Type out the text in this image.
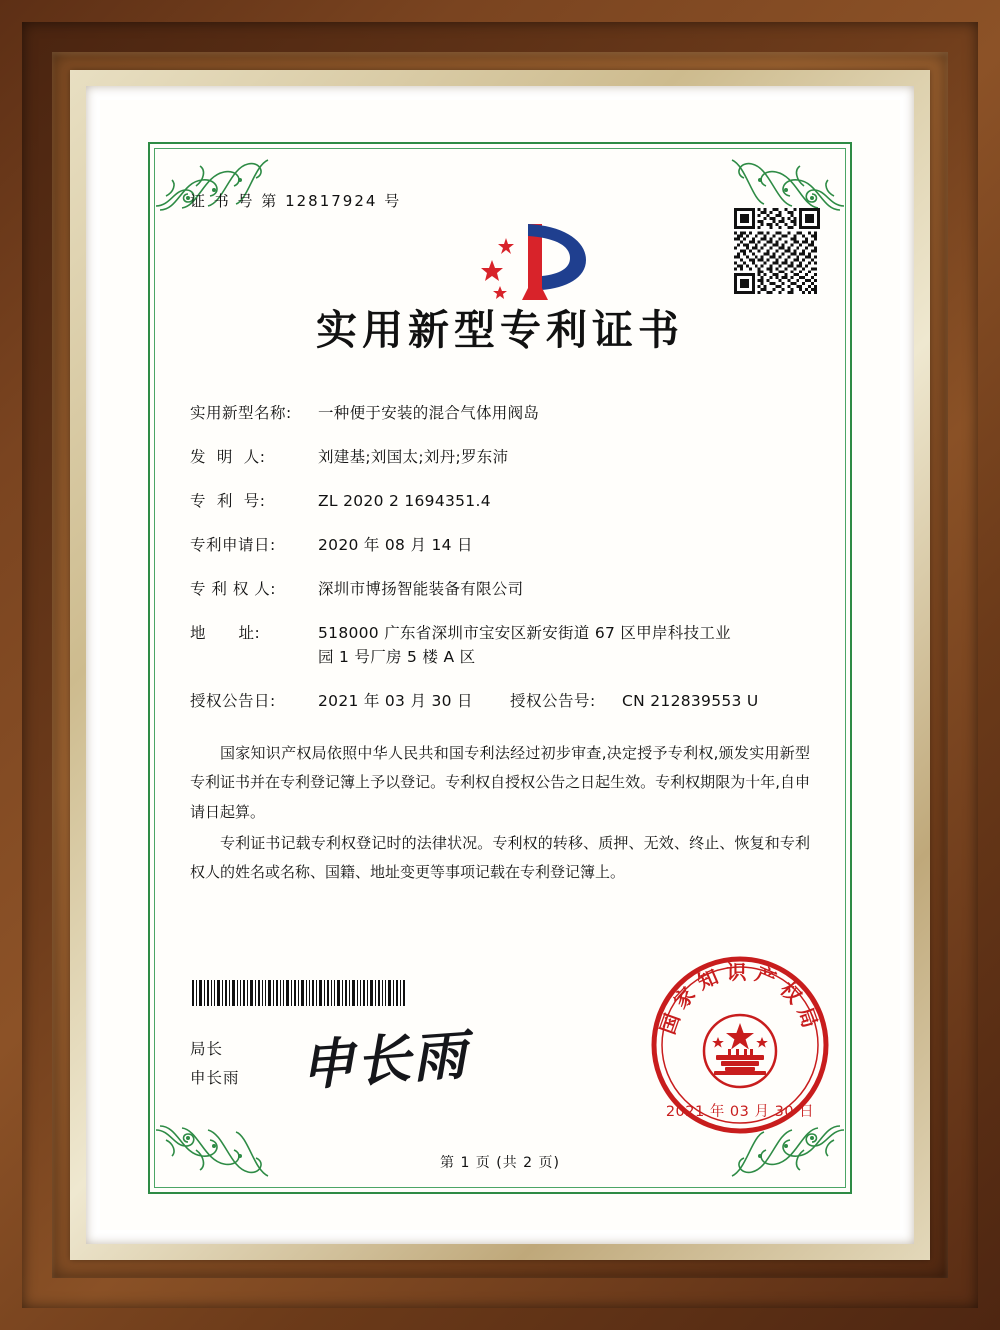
证 书 号 第 12817924 号
实用新型专利证书
实用新型名称:	一种便于安装的混合气体用阀岛
发  明  人:	刘建基;刘国太;刘丹;罗东沛
专  利  号:	ZL 2020 2 1694351.4
专利申请日:	2020 年 08 月 14 日
专 利 权 人:	深圳市博扬智能装备有限公司
地      址:	518000 广东省深圳市宝安区新安街道 67 区甲岸科技工业
园 1 号厂房 5 楼 A 区
授权公告日:	2021 年 03 月 30 日	授权公告号:	CN 212839553 U
国家知识产权局依照中华人民共和国专利法经过初步审查,决定授予专利权,颁发实用新型专利证书并在专利登记簿上予以登记。专利权自授权公告之日起生效。专利权期限为十年,自申请日起算。
专利证书记载专利权登记时的法律状况。专利权的转移、质押、无效、终止、恢复和专利权人的姓名或名称、国籍、地址变更等事项记载在专利登记簿上。
申长雨
局长
申长雨
国家知识产权局
2021 年 03 月 30 日
第 1 页 (共 2 页)
